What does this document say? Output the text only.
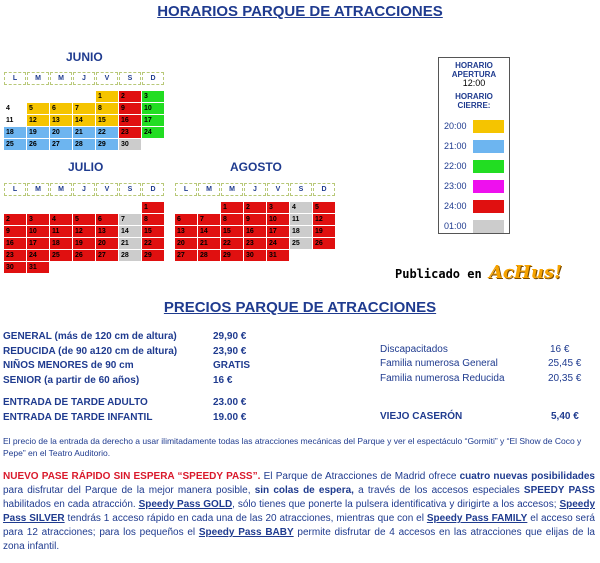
HORARIOS PARQUE DE ATRACCIONES
JUNIO
L	M	M	J	V	S	D

				1	2	3
4	5	6	7	8	9	10
11	12	13	14	15	16	17
18	19	20	21	22	23	24
25	26	27	28	29	30	
JULIO
L	M	M	J	V	S	D

						1
2	3	4	5	6	7	8
9	10	11	12	13	14	15
16	17	18	19	20	21	22
23	24	25	26	27	28	29
30	31					
AGOSTO
L	M	M	J	V	S	D

		1	2	3	4	5
6	7	8	9	10	11	12
13	14	15	16	17	18	19
20	21	22	23	24	25	26
27	28	29	30	31		
HORARIO
APERTURA
12:00
HORARIO
CIERRE:
20:00
21:00
22:00
23:00
24:00
01:00
Publicado en AcHus!
PRECIOS PARQUE DE ATRACCIONES
GENERAL (más de 120 cm de altura)	29,90 €
REDUCIDA (de 90 a120 cm de altura)	23,90 €
NIÑOS MENORES de 90 cm	GRATIS
SENIOR (a partir de 60 años)	16 €
ENTRADA DE TARDE ADULTO	23.00 €
ENTRADA DE TARDE INFANTIL	19.00 €
Discapacitados	16 €
Familia numerosa General	25,45 €
Familia numerosa Reducida	20,35 €
VIEJO CASERÓN	5,40 €
El precio de la entrada da derecho a usar ilimitadamente todas las atracciones mecánicas del Parque y ver el espectáculo “Gormiti” y “El Show de Coco y Pepe” en el Teatro Auditorio.
NUEVO PASE RÁPIDO SIN ESPERA “SPEEDY PASS”. El Parque de Atracciones de Madrid ofrece cuatro nuevas posibilidades para disfrutar del Parque de la mejor manera posible, sin colas de espera, a través de los accesos especiales SPEEDY PASS habilitados en cada atracción. Speedy Pass GOLD, sólo tienes que ponerte la pulsera identificativa y dirigirte a los accesos; Speedy Pass SILVER tendrás 1 acceso rápido en cada una de las 20 atracciones, mientras que con el Speedy Pass FAMILY el acceso será para 12 atracciones; para los pequeños el Speedy Pass BABY permite disfrutar de 4 accesos en las atracciones que elijas de la zona infantil.
